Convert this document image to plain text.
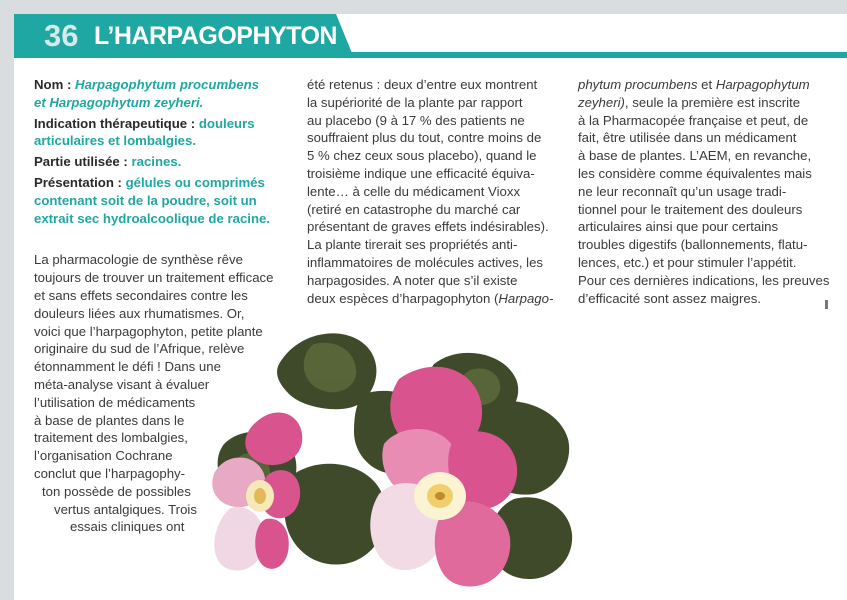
36 L’HARPAGOPHYTON ?
Nom : Harpagophytum procumbens
et Harpagophytum zeyheri.
Indication thérapeutique : douleurs
articulaires et lombalgies.
Partie utilisée : racines.
Présentation : gélules ou comprimés
contenant soit de la poudre, soit un
extrait sec hydroalcoolique de racine.
La pharmacologie de synthèse rêve
toujours de trouver un traitement efficace
et sans effets secondaires contre les
douleurs liées aux rhumatismes. Or,
voici que l’harpagophyton, petite plante
originaire du sud de l’Afrique, relève
étonnamment le défi ! Dans une
méta-analyse visant à évaluer
l’utilisation de médicaments
à base de plantes dans le
traitement des lombalgies,
l’organisation Cochrane
conclut que l’harpagophy-
ton possède de possibles
vertus antalgiques. Trois
essais cliniques ont
été retenus : deux d’entre eux montrent
la supériorité de la plante par rapport
au placebo (9 à 17 % des patients ne
souffraient plus du tout, contre moins de
5 % chez ceux sous placebo), quand le
troisième indique une efficacité équiva-
lente… à celle du médicament Vioxx
(retiré en catastrophe du marché car
présentant de graves effets indésirables).
La plante tirerait ses propriétés anti-
inflammatoires de molécules actives, les
harpagosides. A noter que s’il existe
deux espèces d’harpagophyton (Harpago-
phytum procumbens et Harpagophytum
zeyheri), seule la première est inscrite
à la Pharmacopée française et peut, de
fait, être utilisée dans un médicament
à base de plantes. L’AEM, en revanche,
les considère comme équivalentes mais
ne leur reconnaît qu’un usage tradi-
tionnel pour le traitement des douleurs
articulaires ainsi que pour certains
troubles digestifs (ballonnements, flatu-
lences, etc.) et pour stimuler l’appétit.
Pour ces dernières indications, les preuves
d’efficacité sont assez maigres.
